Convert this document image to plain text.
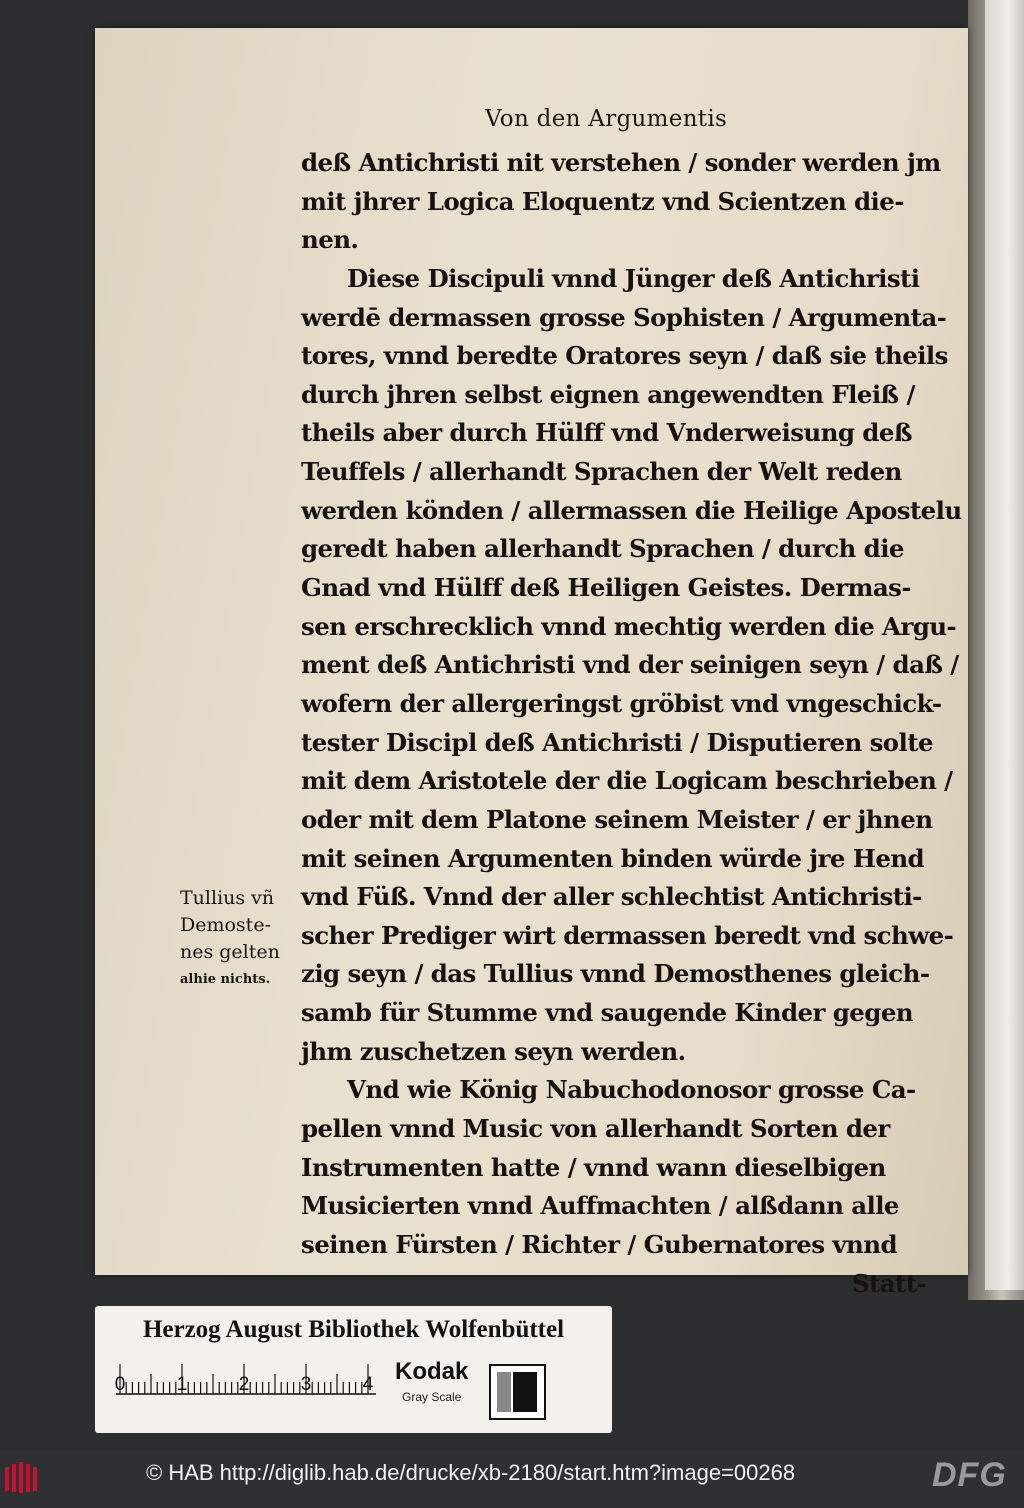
Von den Argumentis
deß Antichristi nit verstehen / sonder werden jm
mit jhrer Logica Eloquentz vnd Scientzen die-
nen.
Diese Discipuli vnnd Jünger deß Antichristi
werdē dermassen grosse Sophisten / Argumenta-
tores, vnnd beredte Oratores seyn / daß sie theils
durch jhren selbst eignen angewendten Fleiß /
theils aber durch Hülff vnd Vnderweisung deß
Teuffels / allerhandt Sprachen der Welt reden
werden könden / allermassen die Heilige Apostelu
geredt haben allerhandt Sprachen / durch die
Gnad vnd Hülff deß Heiligen Geistes. Dermas-
sen erschrecklich vnnd mechtig werden die Argu-
ment deß Antichristi vnd der seinigen seyn / daß /
wofern der allergeringst gröbist vnd vngeschick-
tester Discipl deß Antichristi / Disputieren solte
mit dem Aristotele der die Logicam beschrieben /
oder mit dem Platone seinem Meister / er jhnen
mit seinen Argumenten binden würde jre Hend
vnd Füß. Vnnd der aller schlechtist Antichristi-
scher Prediger wirt dermassen beredt vnd schwe-
zig seyn / das Tullius vnnd Demosthenes gleich-
samb für Stumme vnd saugende Kinder gegen
jhm zuschetzen seyn werden.
Vnd wie König Nabuchodonosor grosse Ca-
pellen vnnd Music von allerhandt Sorten der
Instrumenten hatte / vnnd wann dieselbigen
Musicierten vnnd Auffmachten / alßdann alle
seinen Fürsten / Richter / Gubernatores vnnd
Statt-
Tullius vñ
Demoste-
nes gelten
alhie nichts.
Herzog August Bibliothek Wolfenbüttel
0	1	2	3	4 Kodak
Gray Scale
© HAB http://diglib.hab.de/drucke/xb-2180/start.htm?image=00268	DFG
